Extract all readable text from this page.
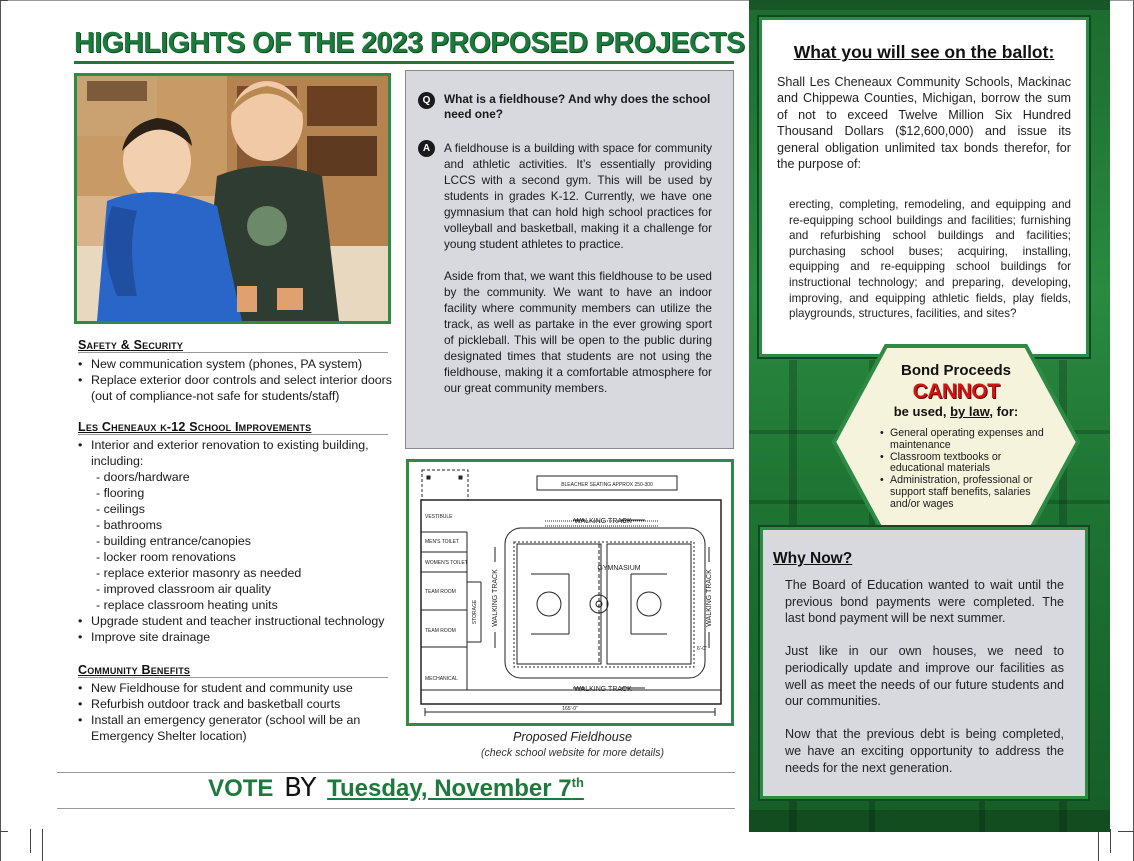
HIGHLIGHTS OF THE 2023 PROPOSED PROJECTS
Safety & Security
• New communication system (phones, PA system)
• Replace exterior door controls and select interior doors (out of compliance-not safe for students/staff)
Les Cheneaux k-12 School Improvements
• Interior and exterior renovation to existing building, including:
- doors/hardware
- flooring
- ceilings
- bathrooms
- building entrance/canopies
- locker room renovations
- replace exterior masonry as needed
- improved classroom air quality
- replace classroom heating units
• Upgrade student and teacher instructional technology
• Improve site drainage
Community Benefits
• New Fieldhouse for student and community use
• Refurbish outdoor track and basketball courts
• Install an emergency generator (school will be an Emergency Shelter location)
Q	What is a fieldhouse? And why does the school need one?
A	A fieldhouse is a building with space for community and athletic activities. It’s essentially providing LCCS with a second gym. This will be used by students in grades K-12. Currently, we have one gymnasium that can hold high school practices for volleyball and basketball, making it a challenge for young student athletes to practice.

Aside from that, we want this fieldhouse to be used by the community. We want to have an indoor facility where community members can utilize the track, as well as partake in the ever growing sport of pickleball. This will be open to the public during designated times that students are not using the fieldhouse, making it a comfortable atmosphere for our great community members.

BLEACHER SEATING APPROX 250-300
WALKING TRACK
WALKING TRACK
WALKING TRACK	WALKING TRACK
GYMNASIUM
VESTIBULE
MEN'S TOILET
WOMEN'S TOILET
TEAM ROOM
TEAM ROOM
MECHANICAL
STORAGE
165'-0"
6'-0"
Proposed Fieldhouse
(check school website for more details)
VOTE BY Tuesday, November 7th
What you will see on the ballot:
Shall Les Cheneaux Community Schools, Mackinac and Chippewa Counties, Michigan, borrow the sum of not to exceed Twelve Million Six Hundred Thousand Dollars ($12,600,000) and issue its general obligation unlimited tax bonds therefor, for the purpose of:
erecting, completing, remodeling, and equipping and re-equipping school buildings and facilities; furnishing and refurbishing school buildings and facilities; purchasing school buses; acquiring, installing, equipping and re-equipping school buildings for instructional technology; and preparing, developing, improving, and equipping athletic fields, play fields, playgrounds, structures, facilities, and sites?
Bond Proceeds
CANNOT
be used, by law, for:
• General operating expenses and maintenance
• Classroom textbooks or educational materials
• Administration, professional or support staff benefits, salaries and/or wages
Why Now?

The Board of Education wanted to wait until the previous bond payments were completed. The last bond payment will be next summer.

Just like in our own houses, we need to periodically update and improve our facilities as well as meet the needs of our future students and our communities.

Now that the previous debt is being completed, we have an exciting opportunity to address the needs for the next generation.
